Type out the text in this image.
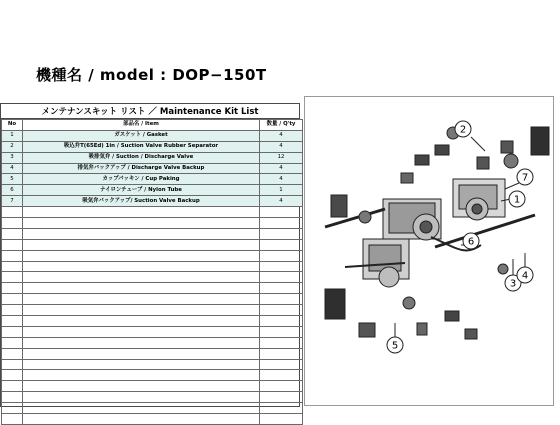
機種名 / model : DOP−150T
メンテナンスキット リスト ／ Maintenance Kit List
No	部品名 / Item	数量 / Q'ty
1	ガスケット / Gasket	4
2	吸込弁T(65Ed) 1in / Suction Valve Rubber Separator	4
3	吸排気弁 / Suction / Discharge Valve	12
4	排気弁バックアップ / Discharge Valve Backup	4
5	カップパッキン / Cup Paking	4
6	ナイロンチューブ / Nylon Tube	1
7	吸気弁バックアップ/ Suction Valve Backup	4

2
1
7
6
3
4
5
